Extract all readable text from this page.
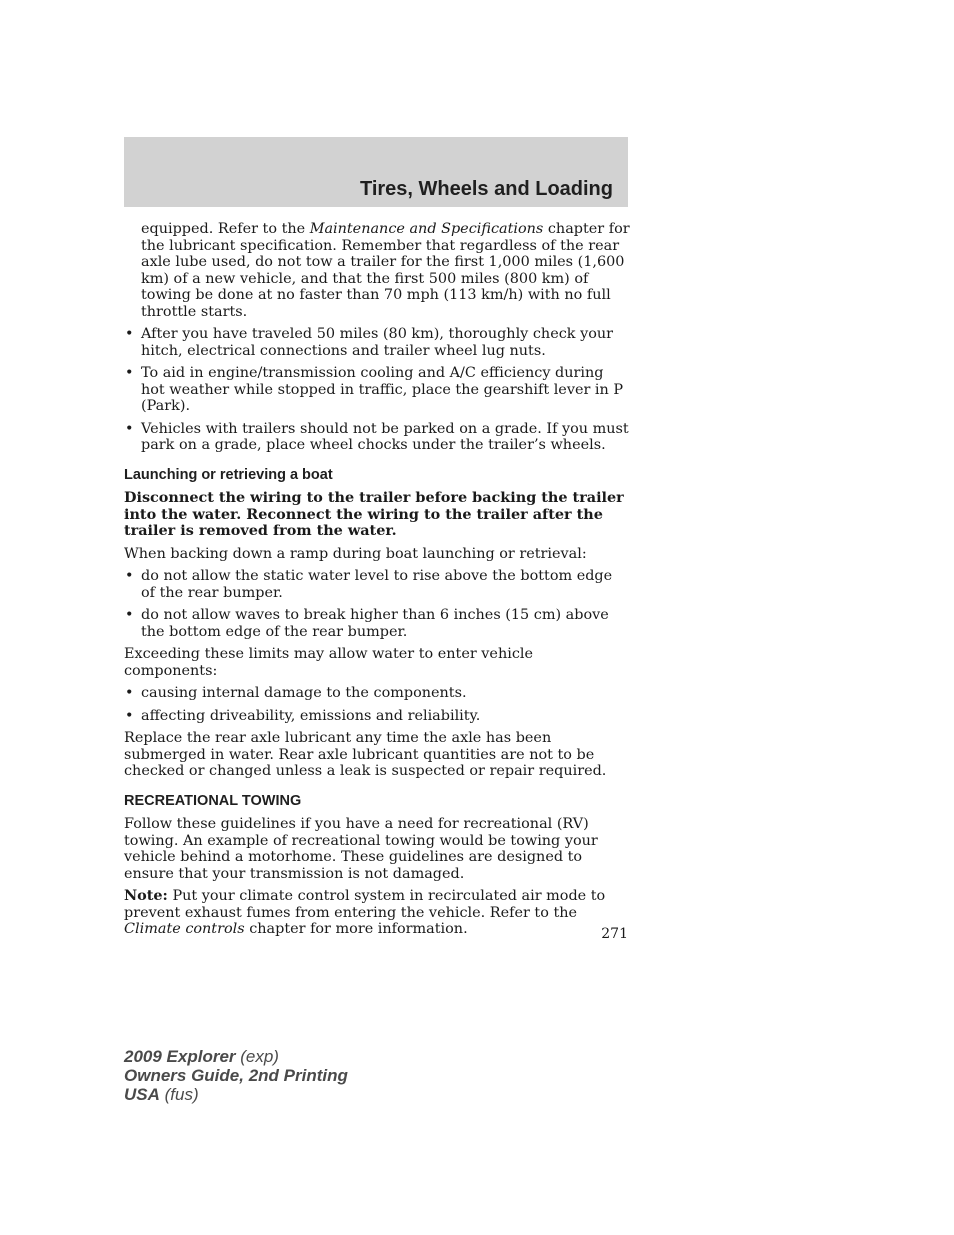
Tires, Wheels and Loading

equipped. Refer to the Maintenance and Specifications chapter for the lubricant specification. Remember that regardless of the rear axle lube used, do not tow a trailer for the first 1,000 miles (1,600 km) of a new vehicle, and that the first 500 miles (800 km) of towing be done at no faster than 70 mph (113 km/h) with no full throttle starts.

• After you have traveled 50 miles (80 km), thoroughly check your hitch, electrical connections and trailer wheel lug nuts.
• To aid in engine/transmission cooling and A/C efficiency during hot weather while stopped in traffic, place the gearshift lever in P (Park).
• Vehicles with trailers should not be parked on a grade. If you must park on a grade, place wheel chocks under the trailer’s wheels.
Launching or retrieving a boat

Disconnect the wiring to the trailer before backing the trailer into the water. Reconnect the wiring to the trailer after the trailer is removed from the water.

When backing down a ramp during boat launching or retrieval:

• do not allow the static water level to rise above the bottom edge of the rear bumper.
• do not allow waves to break higher than 6 inches (15 cm) above the bottom edge of the rear bumper.

Exceeding these limits may allow water to enter vehicle components:

• causing internal damage to the components.
• affecting driveability, emissions and reliability.

Replace the rear axle lubricant any time the axle has been submerged in water. Rear axle lubricant quantities are not to be checked or changed unless a leak is suspected or repair required.

RECREATIONAL TOWING

Follow these guidelines if you have a need for recreational (RV) towing. An example of recreational towing would be towing your vehicle behind a motorhome. These guidelines are designed to ensure that your transmission is not damaged.

Note: Put your climate control system in recirculated air mode to prevent exhaust fumes from entering the vehicle. Refer to the Climate controls chapter for more information.	271
2009 Explorer (exp)
Owners Guide, 2nd Printing
USA (fus)
